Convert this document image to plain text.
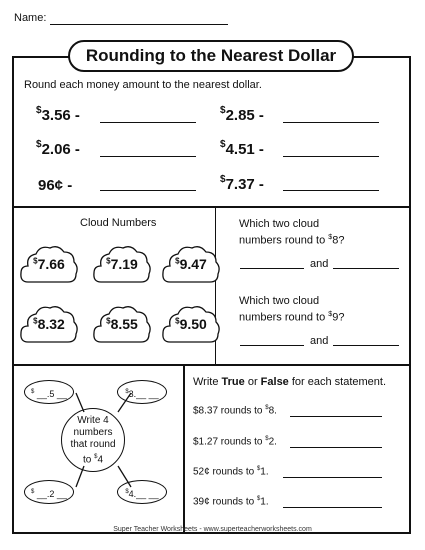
Name:
Rounding to the Nearest Dollar
Round each money amount to the nearest dollar.
$3.56 -	$2.85 -
$2.06 -	$4.51 -
96¢ -	$7.37 -
Cloud Numbers
$7.66	$7.19	$9.47
$8.32	$8.55	$9.50
Which two cloud
numbers round to $8?
and
Which two cloud
numbers round to $9?
and
Write 4
numbers
that round
to $4
$ __.5 __	$3.__ __
$ __.2 __	$4.__ __
Write True or False for each statement.
$8.37 rounds to $8.
$1.27 rounds to $2.
52¢ rounds to $1.
39¢ rounds to $1.
Super Teacher Worksheets - www.superteacherworksheets.com
